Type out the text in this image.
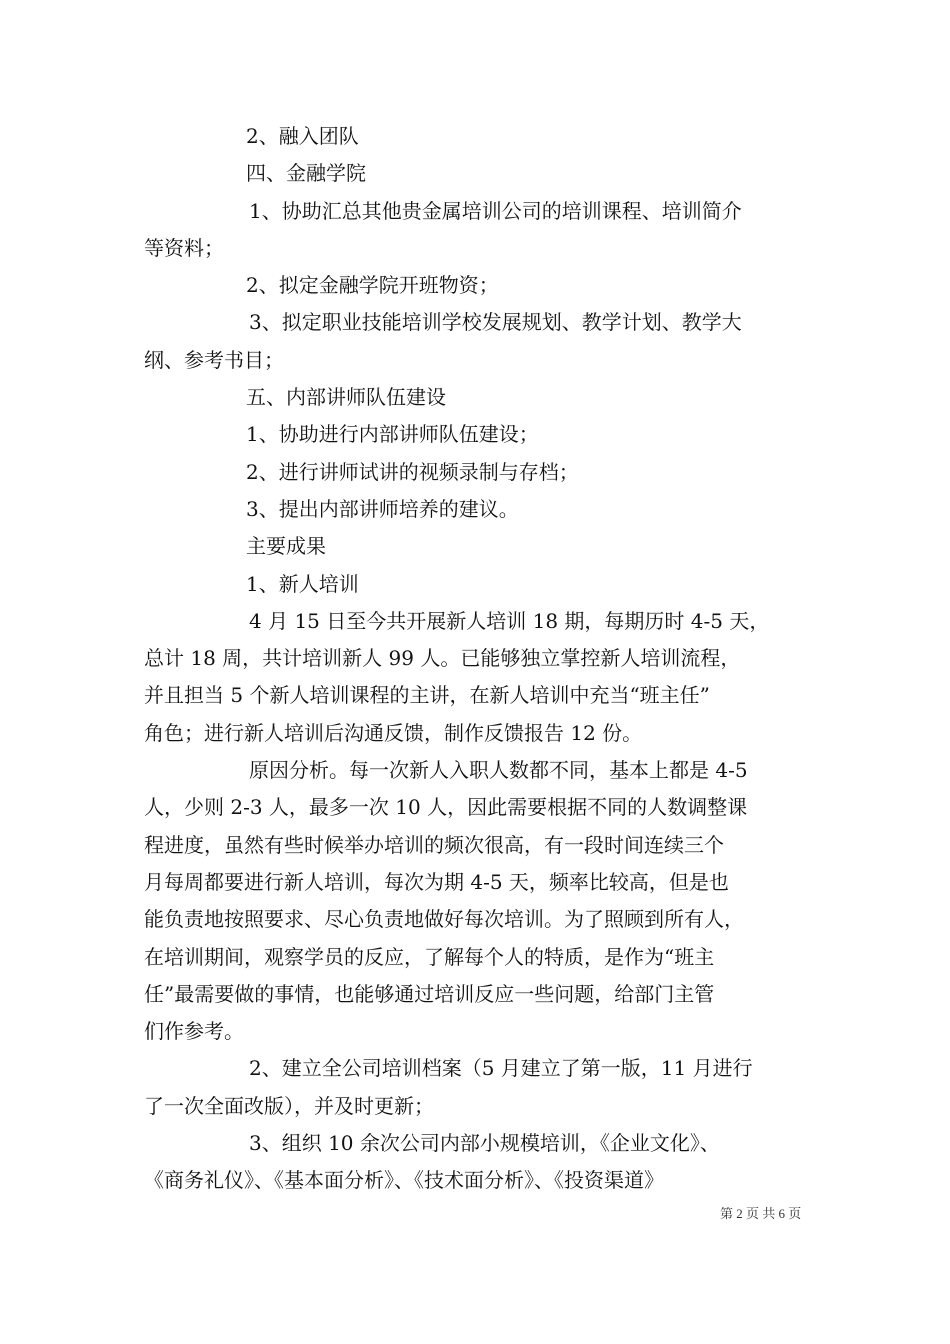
2、融入团队
四、金融学院
1、协助汇总其他贵金属培训公司的培训课程、培训简介
等资料；
2、拟定金融学院开班物资；
3、拟定职业技能培训学校发展规划、教学计划、教学大
纲、参考书目；
五、内部讲师队伍建设
1、协助进行内部讲师队伍建设；
2、进行讲师试讲的视频录制与存档；
3、提出内部讲师培养的建议。
主要成果
1、新人培训
4 月 15 日至今共开展新人培训 18 期，每期历时 4-5 天，
总计 18 周，共计培训新人 99 人。已能够独立掌控新人培训流程，
并且担当 5 个新人培训课程的主讲，在新人培训中充当“班主任”
角色；进行新人培训后沟通反馈，制作反馈报告 12 份。
原因分析。每一次新人入职人数都不同，基本上都是 4-5
人，少则 2-3 人，最多一次 10 人，因此需要根据不同的人数调整课
程进度，虽然有些时候举办培训的频次很高，有一段时间连续三个
月每周都要进行新人培训，每次为期 4-5 天，频率比较高，但是也
能负责地按照要求、尽心负责地做好每次培训。为了照顾到所有人，
在培训期间，观察学员的反应，了解每个人的特质，是作为“班主
任”最需要做的事情，也能够通过培训反应一些问题，给部门主管
们作参考。
2、建立全公司培训档案（5 月建立了第一版，11 月进行
了一次全面改版），并及时更新；
3、组织 10 余次公司内部小规模培训，《企业文化》、
《商务礼仪》、《基本面分析》、《技术面分析》、《投资渠道》
第 2 页 共 6 页
